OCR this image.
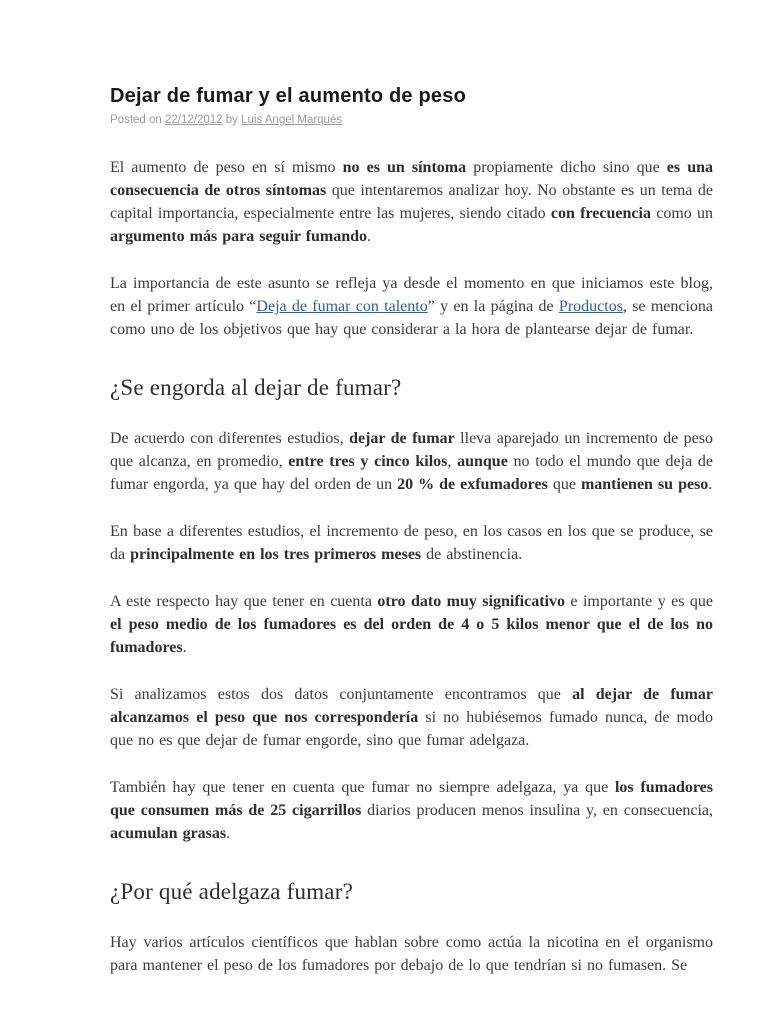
Dejar de fumar y el aumento de peso
Posted on 22/12/2012 by Luis Angel Marqués

El aumento de peso en sí mismo no es un síntoma propiamente dicho sino que es una consecuencia de otros síntomas que intentaremos analizar hoy. No obstante es un tema de capital importancia, especialmente entre las mujeres, siendo citado con frecuencia como un argumento más para seguir fumando.

La importancia de este asunto se refleja ya desde el momento en que iniciamos este blog, en el primer artículo “Deja de fumar con talento” y en la página de Productos, se menciona como uno de los objetivos que hay que considerar a la hora de plantearse dejar de fumar.

¿Se engorda al dejar de fumar?

De acuerdo con diferentes estudios, dejar de fumar lleva aparejado un incremento de peso que alcanza, en promedio, entre tres y cinco kilos, aunque no todo el mundo que deja de fumar engorda, ya que hay del orden de un 20 % de exfumadores que mantienen su peso.

En base a diferentes estudios, el incremento de peso, en los casos en los que se produce, se da principalmente en los tres primeros meses de abstinencia.

A este respecto hay que tener en cuenta otro dato muy significativo e importante y es que el peso medio de los fumadores es del orden de 4 o 5 kilos menor que el de los no fumadores.

Si analizamos estos dos datos conjuntamente encontramos que al dejar de fumar alcanzamos el peso que nos correspondería si no hubiésemos fumado nunca, de modo que no es que dejar de fumar engorde, sino que fumar adelgaza.

También hay que tener en cuenta que fumar no siempre adelgaza, ya que los fumadores que consumen más de 25 cigarrillos diarios producen menos insulina y, en consecuencia, acumulan grasas.

¿Por qué adelgaza fumar?

Hay varios artículos científicos que hablan sobre como actúa la nicotina en el organismo para mantener el peso de los fumadores por debajo de lo que tendrían si no fumasen. Se
